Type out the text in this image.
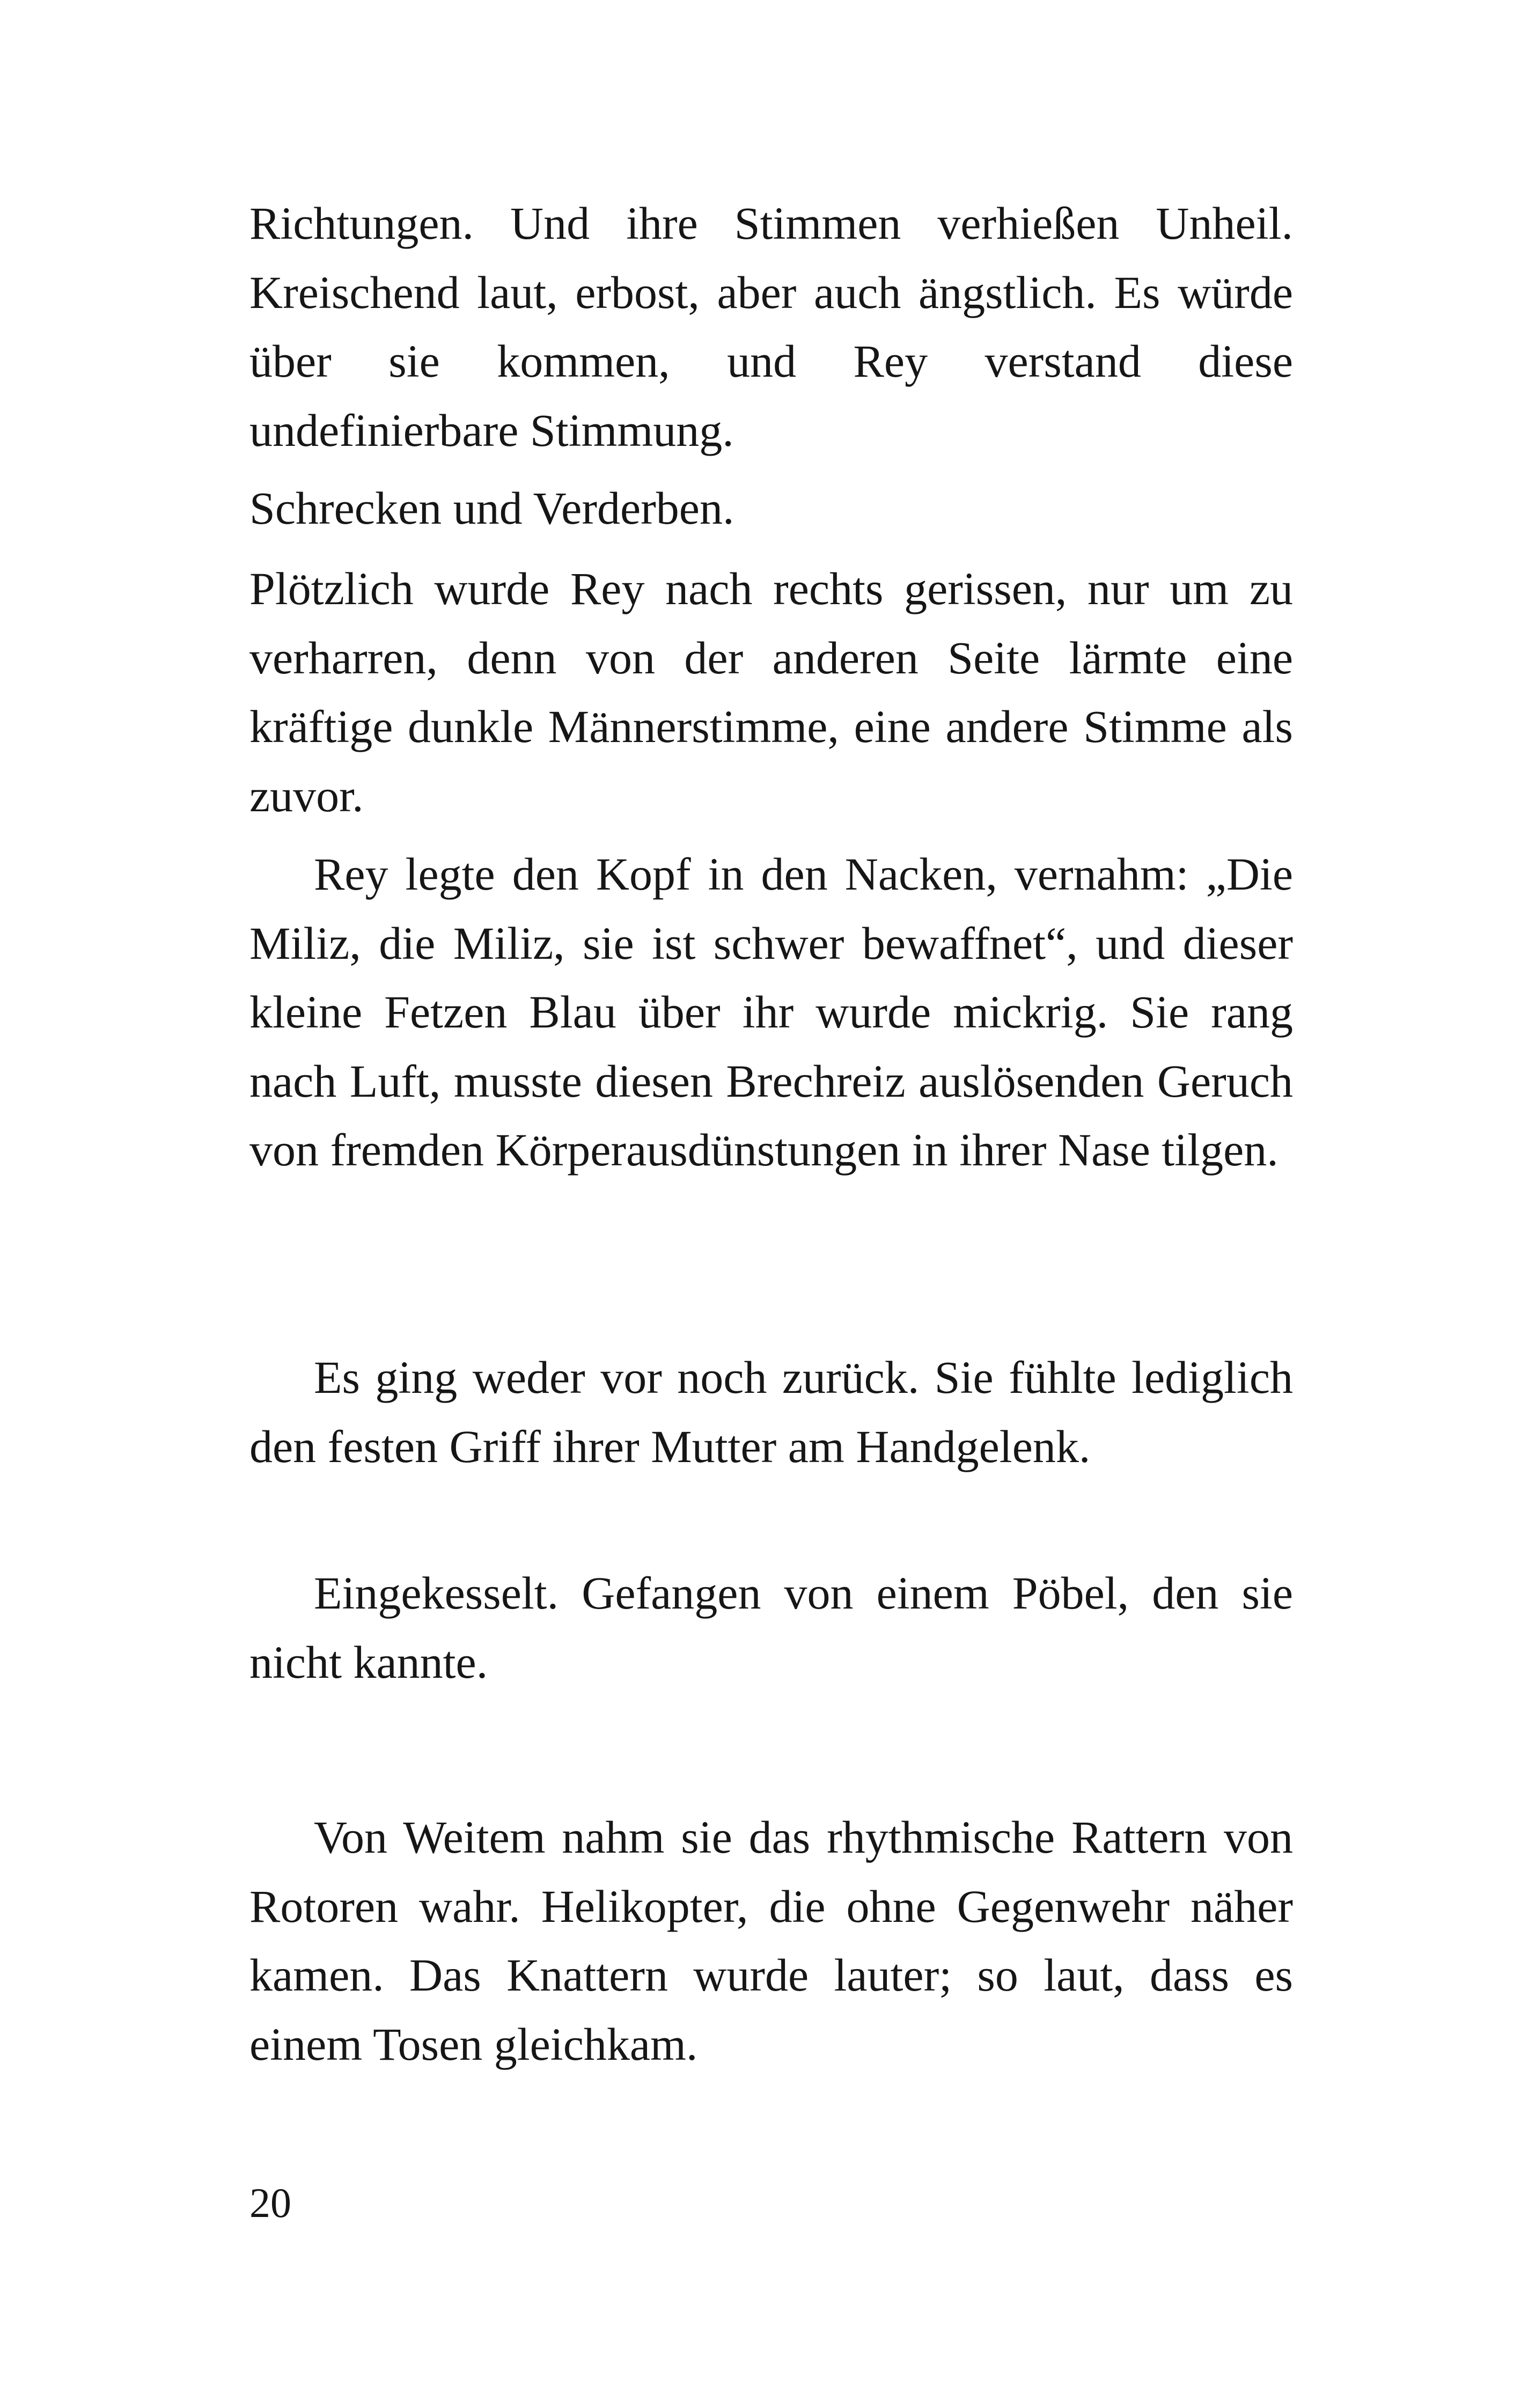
Richtungen. Und ihre Stimmen verhießen Unheil. Kreischend laut, erbost, aber auch ängstlich. Es würde über sie kommen, und Rey verstand diese undefinierbare Stimmung.

Schrecken und Verderben.

Plötzlich wurde Rey nach rechts gerissen, nur um zu verharren, denn von der anderen Seite lärmte eine kräftige dunkle Männerstimme, eine andere Stimme als zuvor.

Rey legte den Kopf in den Nacken, vernahm: „Die Miliz, die Miliz, sie ist schwer bewaffnet“, und dieser kleine Fetzen Blau über ihr wurde mickrig. Sie rang nach Luft, musste diesen Brechreiz auslösenden Geruch von fremden Körperausdünstungen in ihrer Nase tilgen.

Es ging weder vor noch zurück. Sie fühlte lediglich den festen Griff ihrer Mutter am Handgelenk.

Eingekesselt. Gefangen von einem Pöbel, den sie nicht kannte.

Von Weitem nahm sie das rhythmische Rattern von Rotoren wahr. Helikopter, die ohne Gegenwehr näher kamen. Das Knattern wurde lauter; so laut, dass es einem Tosen gleichkam.

20
